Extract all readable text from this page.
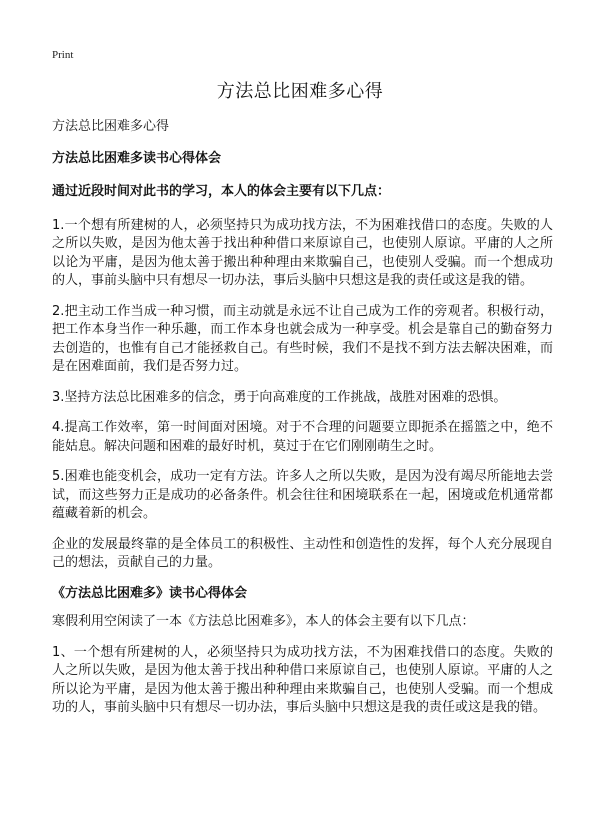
Print
方法总比困难多心得

方法总比困难多心得

方法总比困难多读书心得体会

通过近段时间对此书的学习，本人的体会主要有以下几点：

1.一个想有所建树的人，必须坚持只为成功找方法，不为困难找借口的态度。失败的人之所以失败，是因为他太善于找出种种借口来原谅自己，也使别人原谅。平庸的人之所以论为平庸，是因为他太善于搬出种种理由来欺骗自己，也使别人受骗。而一个想成功的人，事前头脑中只有想尽一切办法，事后头脑中只想这是我的责任或这是我的错。

2.把主动工作当成一种习惯，而主动就是永远不让自己成为工作的旁观者。积极行动，把工作本身当作一种乐趣，而工作本身也就会成为一种享受。机会是靠自己的勤奋努力去创造的，也惟有自己才能拯救自己。有些时候，我们不是找不到方法去解决困难，而是在困难面前，我们是否努力过。

3.坚持方法总比困难多的信念，勇于向高难度的工作挑战，战胜对困难的恐惧。

4.提高工作效率，第一时间面对困境。对于不合理的问题要立即扼杀在摇篮之中，绝不能姑息。解决问题和困难的最好时机，莫过于在它们刚刚萌生之时。

5.困难也能变机会，成功一定有方法。许多人之所以失败，是因为没有竭尽所能地去尝试，而这些努力正是成功的必备条件。机会往往和困境联系在一起，困境或危机通常都蕴藏着新的机会。

企业的发展最终靠的是全体员工的积极性、主动性和创造性的发挥，每个人充分展现自己的想法，贡献自己的力量。

《方法总比困难多》读书心得体会

寒假利用空闲读了一本《方法总比困难多》，本人的体会主要有以下几点：

1、一个想有所建树的人，必须坚持只为成功找方法，不为困难找借口的态度。失败的人之所以失败，是因为他太善于找出种种借口来原谅自己，也使别人原谅。平庸的人之所以论为平庸，是因为他太善于搬出种种理由来欺骗自己，也使别人受骗。而一个想成功的人，事前头脑中只有想尽一切办法，事后头脑中只想这是我的责任或这是我的错。
